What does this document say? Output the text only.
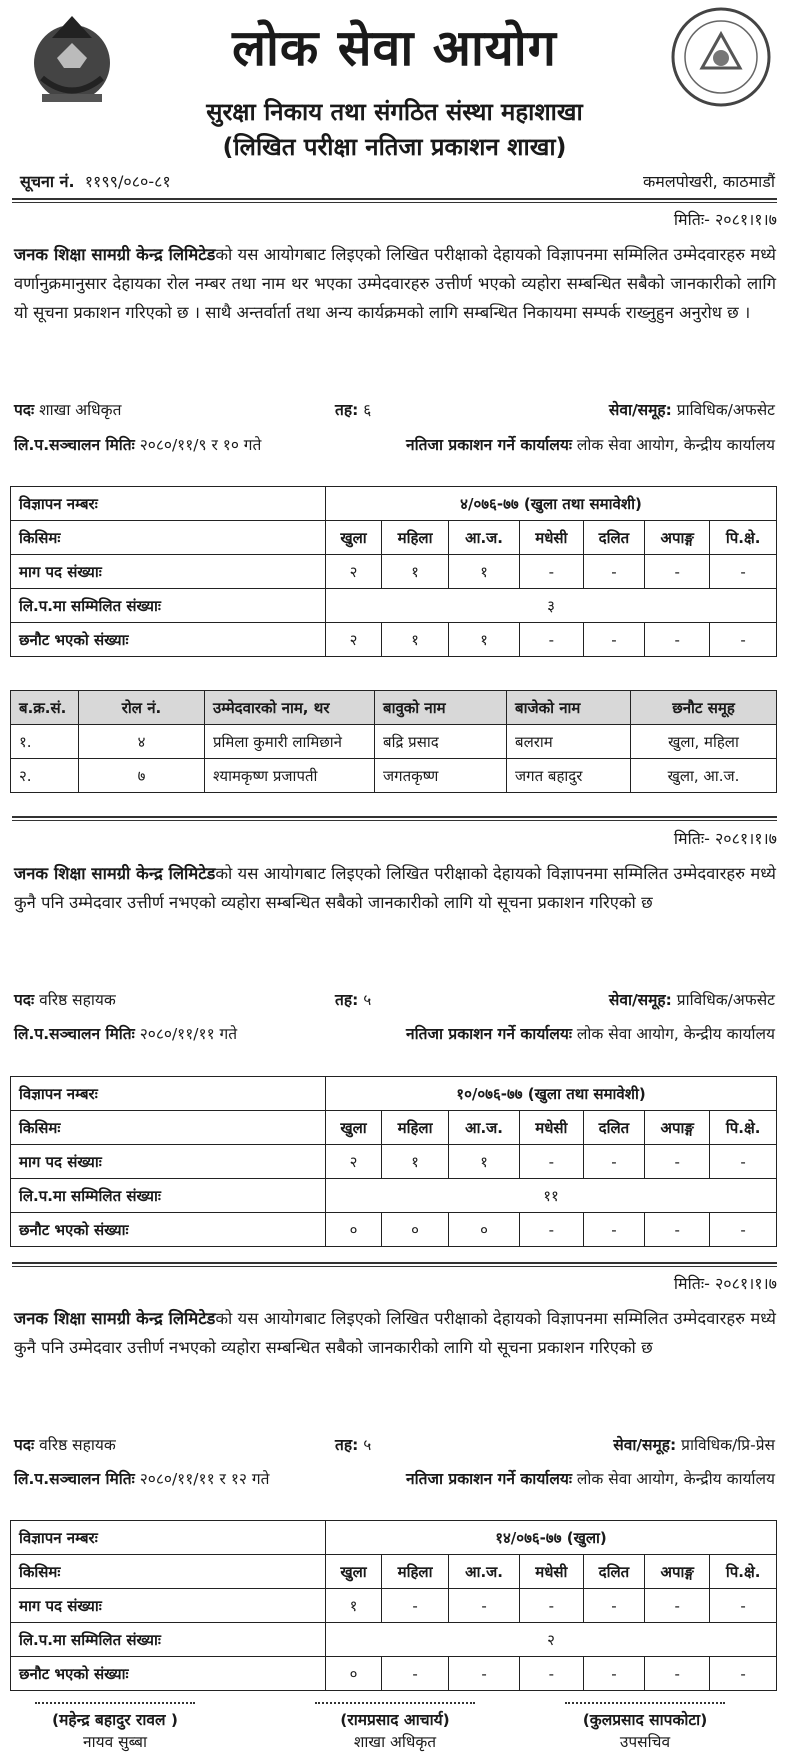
लोक सेवा आयोग
सुरक्षा निकाय तथा संगठित संस्था महाशाखा
(लिखित परीक्षा नतिजा प्रकाशन शाखा)
सूचना नं. ११९९/०८०-८१	कमलपोखरी, काठमाडौं
मितिः- २०८१।१।७
जनक शिक्षा सामग्री केन्द्र लिमिटेडको यस आयोगबाट लिइएको लिखित परीक्षाको देहायको विज्ञापनमा सम्मिलित उम्मेदवारहरु मध्ये वर्णानुक्रमानुसार देहायका रोल नम्बर तथा नाम थर भएका उम्मेदवारहरु उत्तीर्ण भएको व्यहोरा सम्बन्धित सबैको जानकारीको लागि यो सूचना प्रकाशन गरिएको छ । साथै अन्तर्वार्ता तथा अन्य कार्यक्रमको लागि सम्बन्धित निकायमा सम्पर्क राख्नुहुन अनुरोध छ ।
पदः शाखा अधिकृत	तह: ६	सेवा/समूह: प्राविधिक/अफसेट
लि.प.सञ्चालन मितिः २०८०/११/९ र १० गते	नतिजा प्रकाशन गर्ने कार्यालयः लोक सेवा आयोग, केन्द्रीय कार्यालय
विज्ञापन नम्बरः	४/०७६-७७ (खुला तथा समावेशी)						
किसिमः	खुला	महिला	आ.ज.	मधेसी	दलित	अपाङ्ग	पि.क्षे.
माग पद संख्याः	२	१	१	-	-	-	-
लि.प.मा सम्मिलित संख्याः	३						
छनौट भएको संख्याः	२	१	१	-	-	-	-
ब.क्र.सं.	रोल नं.	उम्मेदवारको नाम, थर	बावुको नाम	बाजेको नाम	छनौट समूह
१.	४	प्रमिला कुमारी लामिछाने	बद्रि प्रसाद	बलराम	खुला, महिला
२.	७	श्यामकृष्ण प्रजापती	जगतकृष्ण	जगत बहादुर	खुला, आ.ज.
मितिः- २०८१।१।७
जनक शिक्षा सामग्री केन्द्र लिमिटेडको यस आयोगबाट लिइएको लिखित परीक्षाको देहायको विज्ञापनमा सम्मिलित उम्मेदवारहरु मध्ये कुनै पनि उम्मेदवार उत्तीर्ण नभएको व्यहोरा सम्बन्धित सबैको जानकारीको लागि यो सूचना प्रकाशन गरिएको छ
पदः वरिष्ठ सहायक	तह: ५	सेवा/समूह: प्राविधिक/अफसेट
लि.प.सञ्चालन मितिः २०८०/११/११ गते	नतिजा प्रकाशन गर्ने कार्यालयः लोक सेवा आयोग, केन्द्रीय कार्यालय
विज्ञापन नम्बरः	१०/०७६-७७ (खुला तथा समावेशी)						
किसिमः	खुला	महिला	आ.ज.	मधेसी	दलित	अपाङ्ग	पि.क्षे.
माग पद संख्याः	२	१	१	-	-	-	-
लि.प.मा सम्मिलित संख्याः	११						
छनौट भएको संख्याः	०	०	०	-	-	-	-
मितिः- २०८१।१।७
जनक शिक्षा सामग्री केन्द्र लिमिटेडको यस आयोगबाट लिइएको लिखित परीक्षाको देहायको विज्ञापनमा सम्मिलित उम्मेदवारहरु मध्ये कुनै पनि उम्मेदवार उत्तीर्ण नभएको व्यहोरा सम्बन्धित सबैको जानकारीको लागि यो सूचना प्रकाशन गरिएको छ
पदः वरिष्ठ सहायक	तह: ५	सेवा/समूह: प्राविधिक/प्रि-प्रेस
लि.प.सञ्चालन मितिः २०८०/११/११ र १२ गते	नतिजा प्रकाशन गर्ने कार्यालयः लोक सेवा आयोग, केन्द्रीय कार्यालय
विज्ञापन नम्बरः	१४/०७६-७७ (खुला)						
किसिमः	खुला	महिला	आ.ज.	मधेसी	दलित	अपाङ्ग	पि.क्षे.
माग पद संख्याः	१	-	-	-	-	-	-
लि.प.मा सम्मिलित संख्याः	२						
छनौट भएको संख्याः	०	-	-	-	-	-	-
(महेन्द्र बहादुर रावल )
नायव सुब्बा
(रामप्रसाद आचार्य)
शाखा अधिकृत
(कुलप्रसाद सापकोटा)
उपसचिव
